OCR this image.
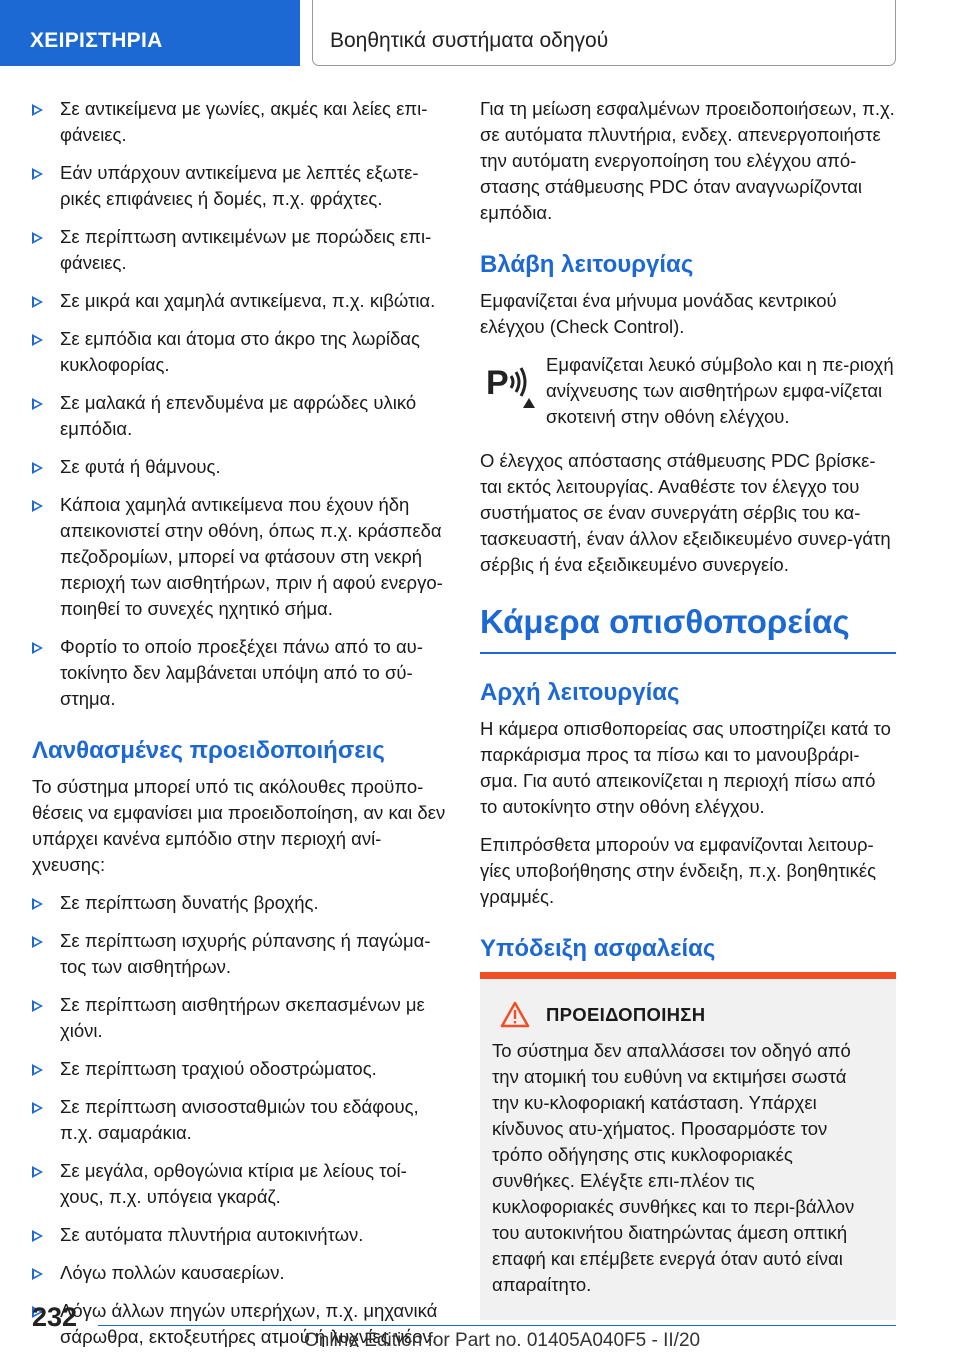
ΧΕΙΡΙΣΤΗΡΙΑ	Βοηθητικά συστήματα οδηγού
Σε αντικείμενα με γωνίες, ακμές και λείες επι-φάνειες.
Εάν υπάρχουν αντικείμενα με λεπτές εξωτε-ρικές επιφάνειες ή δομές, π.χ. φράχτες.
Σε περίπτωση αντικειμένων με πορώδεις επι-φάνειες.
Σε μικρά και χαμηλά αντικείμενα, π.χ. κιβώτια.
Σε εμπόδια και άτομα στο άκρο της λωρίδας κυκλοφορίας.
Σε μαλακά ή επενδυμένα με αφρώδες υλικό εμπόδια.
Σε φυτά ή θάμνους.
Κάποια χαμηλά αντικείμενα που έχουν ήδη απεικονιστεί στην οθόνη, όπως π.χ. κράσπεδα πεζοδρομίων, μπορεί να φτάσουν στη νεκρή περιοχή των αισθητήρων, πριν ή αφού ενεργο-ποιηθεί το συνεχές ηχητικό σήμα.
Φορτίο το οποίο προεξέχει πάνω από το αυ-τοκίνητο δεν λαμβάνεται υπόψη από το σύ-στημα.
Λανθασμένες προειδοποιήσεις
Το σύστημα μπορεί υπό τις ακόλουθες προϋπο-θέσεις να εμφανίσει μια προειδοποίηση, αν και δεν υπάρχει κανένα εμπόδιο στην περιοχή ανί-χνευσης:
Σε περίπτωση δυνατής βροχής.
Σε περίπτωση ισχυρής ρύπανσης ή παγώμα-τος των αισθητήρων.
Σε περίπτωση αισθητήρων σκεπασμένων με χιόνι.
Σε περίπτωση τραχιού οδοστρώματος.
Σε περίπτωση ανισοσταθμιών του εδάφους, π.χ. σαμαράκια.
Σε μεγάλα, ορθογώνια κτίρια με λείους τοί-χους, π.χ. υπόγεια γκαράζ.
Σε αυτόματα πλυντήρια αυτοκινήτων.
Λόγω πολλών καυσαερίων.
Λόγω άλλων πηγών υπερήχων, π.χ. μηχανικά σάρωθρα, εκτοξευτήρες ατμού ή λυχνίες νέον.
Για τη μείωση εσφαλμένων προειδοποιήσεων, π.χ. σε αυτόματα πλυντήρια, ενδεχ. απενεργοποιήστε την αυτόματη ενεργοποίηση του ελέγχου από-στασης στάθμευσης PDC όταν αναγνωρίζονται εμπόδια.
Βλάβη λειτουργίας
Εμφανίζεται ένα μήνυμα μονάδας κεντρικού ελέγχου (Check Control).
P	Εμφανίζεται λευκό σύμβολο και η πε-ριοχή ανίχνευσης των αισθητήρων εμφα-νίζεται σκοτεινή στην οθόνη ελέγχου.
Ο έλεγχος απόστασης στάθμευσης PDC βρίσκε-ται εκτός λειτουργίας. Αναθέστε τον έλεγχο του συστήματος σε έναν συνεργάτη σέρβις του κα-τασκευαστή, έναν άλλον εξειδικευμένο συνερ-γάτη σέρβις ή ένα εξειδικευμένο συνεργείο.
Κάμερα οπισθοπορείας
Αρχή λειτουργίας
Η κάμερα οπισθοπορείας σας υποστηρίζει κατά το παρκάρισμα προς τα πίσω και το μανουβράρι-σμα. Για αυτό απεικονίζεται η περιοχή πίσω από το αυτοκίνητο στην οθόνη ελέγχου.
Επιπρόσθετα μπορούν να εμφανίζονται λειτουρ-γίες υποβοήθησης στην ένδειξη, π.χ. βοηθητικές γραμμές.
Υπόδειξη ασφαλείας
ΠΡΟΕΙΔΟΠΟΙΗΣΗ
Το σύστημα δεν απαλλάσσει τον οδηγό από την ατομική του ευθύνη να εκτιμήσει σωστά την κυ-κλοφοριακή κατάσταση. Υπάρχει κίνδυνος ατυ-χήματος. Προσαρμόστε τον τρόπο οδήγησης στις κυκλοφοριακές συνθήκες. Ελέγξτε επι-πλέον τις κυκλοφοριακές συνθήκες και το περι-βάλλον του αυτοκινήτου διατηρώντας άμεση οπτική επαφή και επέμβετε ενεργά όταν αυτό είναι απαραίτητο.
232
Online Edition for Part no. 01405A040F5 - II/20
